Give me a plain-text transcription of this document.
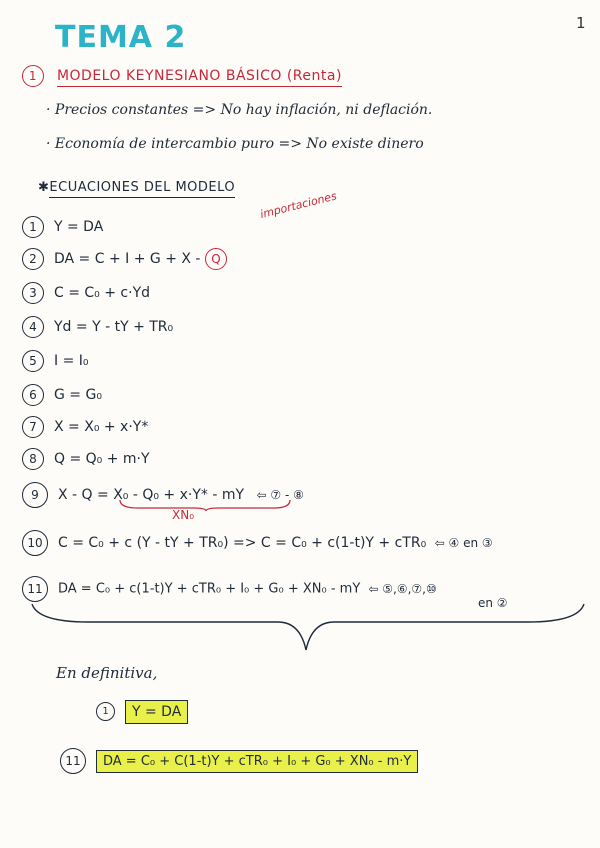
TEMA 2	1
1 MODELO KEYNESIANO BÁSICO (Renta)
· Precios constantes => No hay inflación, ni deflación.
· Economía de intercambio puro => No existe dinero
✱ECUACIONES DEL MODELO
1 Y = DA
2 DA = C + I + G + X - Q
importaciones
3 C = C₀ + c·Yd
4 Yd = Y - tY + TR₀
5 I = I₀
6 G = G₀
7 X = X₀ + x·Y*
8 Q = Q₀ + m·Y
9 X - Q = X₀ - Q₀ + x·Y* - mY ⇦ ⑦ - ⑧
XN₀
10 C = C₀ + c (Y - tY + TR₀) => C = C₀ + c(1-t)Y + cTR₀ ⇦ ④ en ③
11 DA = C₀ + c(1-t)Y + cTR₀ + I₀ + G₀ + XN₀ - mY ⇦ ⑤,⑥,⑦,⑩
en ②
En definitiva,
1 Y = DA
11 DA = C₀ + C(1-t)Y + cTR₀ + I₀ + G₀ + XN₀ - m·Y
